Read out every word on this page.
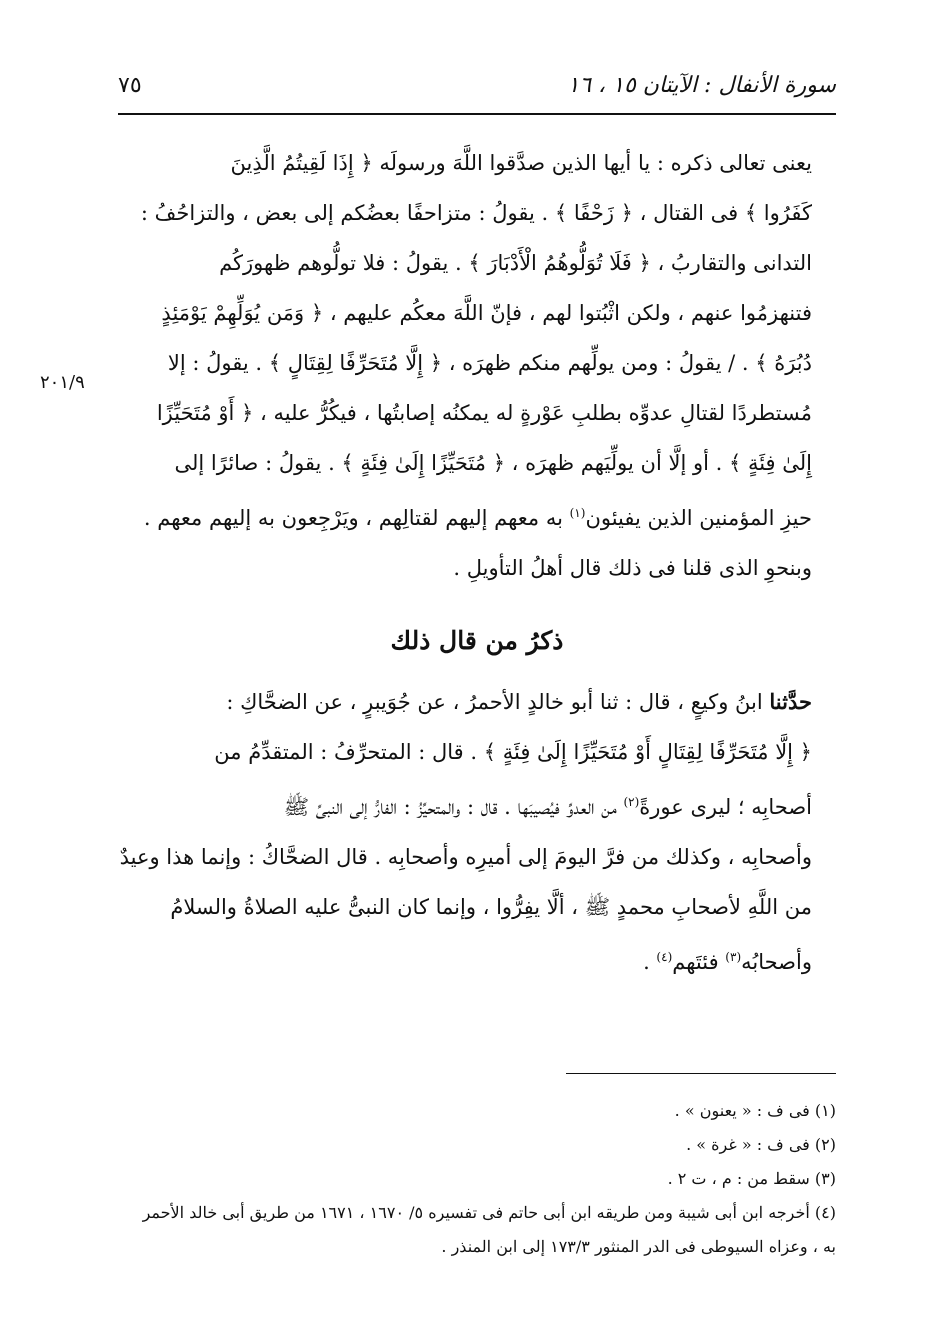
سورة الأنفال : الآيتان ١٥ ، ١٦
٧٥
٢٠١/٩

يعنى تعالى ذكره : يا أيها الذين صدَّقوا اللَّهَ ورسولَه ﴿ إِذَا لَقِيتُمُ الَّذِينَ
كَفَرُوا ﴾ فى القتال ، ﴿ زَحْفًا ﴾ . يقولُ : متزاحفًا بعضُكم إلى بعض ، والتزاحُفُ :
التدانى والتقاربُ ، ﴿ فَلَا تُوَلُّوهُمُ الْأَدْبَارَ ﴾ . يقولُ : فلا تولُّوهم ظهورَكُم
فتنهزمُوا عنهم ، ولكن اثْبُتوا لهم ، فإنّ اللَّهَ معكُم عليهم ، ﴿ وَمَن يُوَلِّهِمْ يَوْمَئِذٍ
دُبُرَهُ ﴾ . / يقولُ : ومن يولِّهم منكم ظهرَه ، ﴿ إِلَّا مُتَحَرِّفًا لِقِتَالٍ ﴾ . يقولُ : إلا
مُستطردًا لقتالِ عدوِّه بطلبِ عَوْرةٍ له يمكنُه إصابتُها ، فيكُرُّ عليه ، ﴿ أَوْ مُتَحَيِّزًا
إِلَىٰ فِئَةٍ ﴾ . أو إلَّا أن يولِّيَهم ظهرَه ، ﴿ مُتَحَيِّزًا إِلَىٰ فِئَةٍ ﴾ . يقولُ : صائرًا إلى
حيزِ المؤمنين الذين يفيئون$^{(١)}$ به معهم إليهم لقتالِهم ، ويَرْجِعون به إليهم معهم .

وبنحوِ الذى قلنا فى ذلك قال أهلُ التأويلِ .

ذكرُ من قال ذلك

حدَّثنا ابنُ وكيعٍ ، قال : ثنا أبو خالدٍ الأحمرُ ، عن جُوَيبرٍ ، عن الضحَّاكِ :
﴿ إِلَّا مُتَحَرِّفًا لِقِتَالٍ أَوْ مُتَحَيِّزًا إِلَىٰ فِئَةٍ ﴾ . قال : المتحرِّفُ : المتقدِّمُ من
أصحابِه ؛ ليرى عورةً$^{(٢)}$ من العدوِّ فيُصيبَها . قال : والمتحيِّزُ : الفارُّ إلى النبىِّ ﷺ
وأصحابِه ، وكذلك من فرَّ اليومَ إلى أميرِه وأصحابِه . قال الضحَّاكُ : وإنما هذا وعيدٌ
من اللَّهِ لأصحابِ محمدٍ ﷺ ، ألَّا يفِرُّوا ، وإنما كان النبىُّ عليه الصلاةُ والسلامُ
وأصحابُه$^{(٣)}$ فئتَهم$^{(٤)}$ .

(١) فى ف : « يعنون » .
(٢) فى ف : « غرة » .
(٣) سقط من : م ، ت ٢ .
(٤) أخرجه ابن أبى شيبة ومن طريقه ابن أبى حاتم فى تفسيره ٥/ ١٦٧٠ ، ١٦٧١ من طريق أبى خالد الأحمر
به ، وعزاه السيوطى فى الدر المنثور ١٧٣/٣ إلى ابن المنذر .
